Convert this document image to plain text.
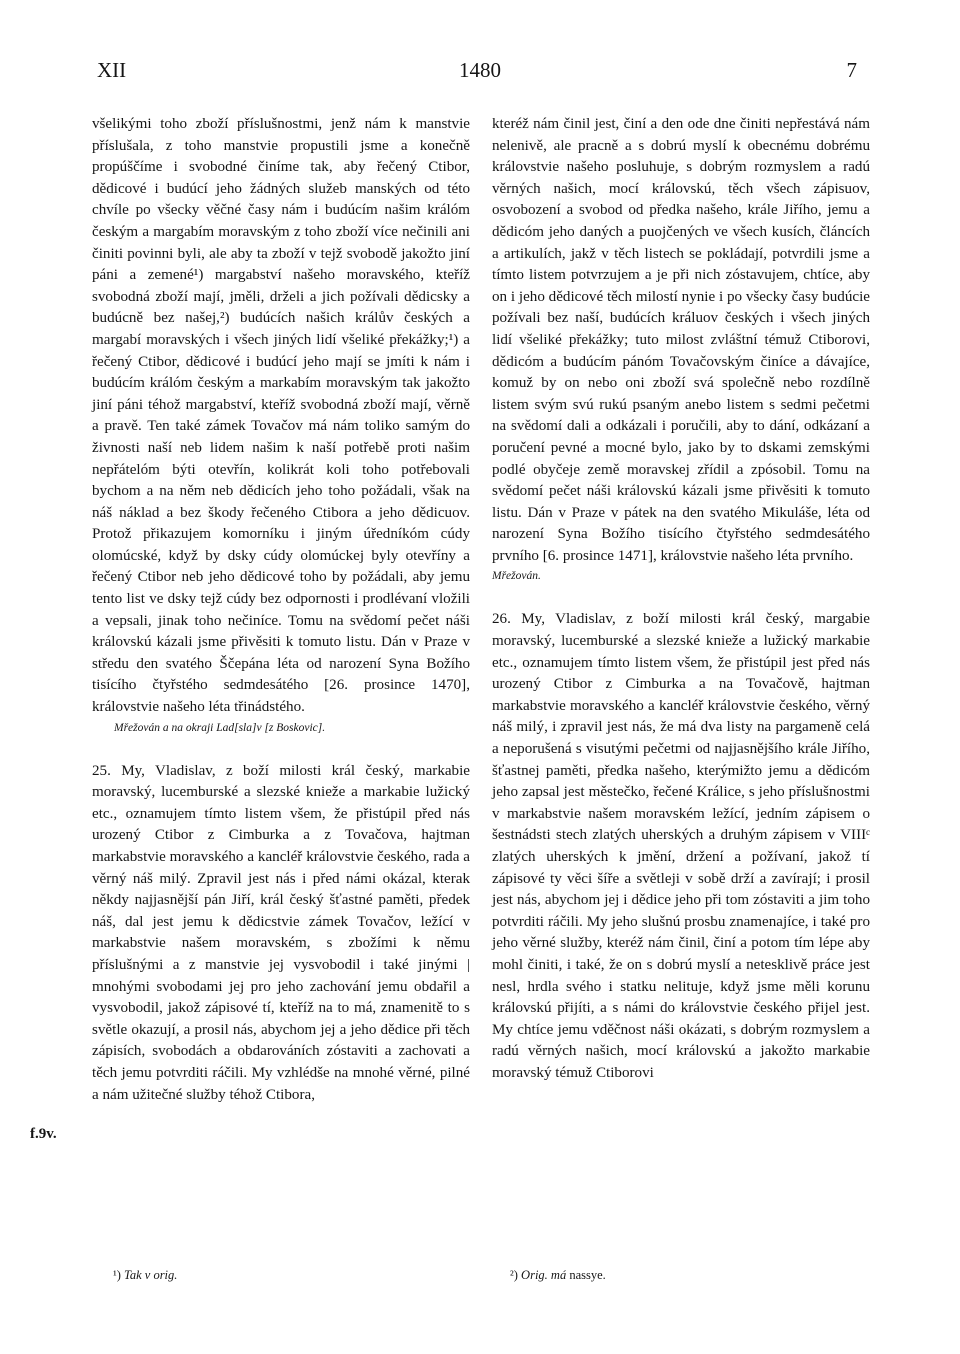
XII	1480	7
f.9v.

všelikými toho zboží příslušnostmi, jenž nám k manstvie příslušala, z toho manstvie propustili jsme a konečně propúščíme i svobodné činíme tak, aby řečený Ctibor, dědicové i budúcí jeho žádných služeb manských od této chvíle po všecky věčné časy nám i budúcím našim králóm českým a margabím moravským z toho zboží více nečinili ani činiti povinni byli, ale aby ta zboží v tejž svobodě jakožto jiní páni a zemené¹) margabství našeho moravského, kteříž svobodná zboží mají, jměli, drželi a jich požívali dědicsky a budúcně bez našej,²) budúcích našich králův českých a margabí moravských i všech jiných lidí všeliké překážky;¹) a řečený Ctibor, dědicové i budúcí jeho mají se jmíti k nám i budúcím králóm českým a markabím moravským tak jakožto jiní páni téhož margabství, kteříž svobodná zboží mají, věrně a pravě. Ten také zámek Tovačov má nám toliko samým do živnosti naší neb lidem našim k naší potřebě proti našim nepřátelóm býti otevřín, kolikrát koli toho potřebovali bychom a na něm neb dědicích jeho toho požádali, však na náš náklad a bez škody řečeného Ctibora a jeho dědicuov. Protož přikazujem komorníku i jiným úředníkóm cúdy olomúcské, když by dsky cúdy olomúckej byly otevříny a řečený Ctibor neb jeho dědicové toho by požádali, aby jemu tento list ve dsky tejž cúdy bez odpornosti i prodlévaní vložili a vepsali, jinak toho nečiníce. Tomu na svědomí pečet náši královskú kázali jsme přivěsiti k tomuto listu. Dán v Praze v středu den svatého Ščepána léta od narození Syna Božího tisícího čtyřstého sedmdesátého [26. prosince 1470], královstvie našeho léta třinádstého.

Mřežován a na okraji Lad[sla]v [z Boskovic].

25. My, Vladislav, z boží milosti král český, markabie moravský, lucemburské a slezské knieže a markabie lužický etc., oznamujem tímto listem všem, že přistúpil před nás urozený Ctibor z Cimburka a z Tovačova, hajtman markabstvie moravského a kancléř královstvie českého, rada a věrný náš milý. Zpravil jest nás i před námi okázal, kterak někdy najjasnější pán Jiří, král český šťastné paměti, předek náš, dal jest jemu k dědicstvie zámek Tovačov, ležící v markabstvie našem moravském, s zbožími k němu příslušnými a z manstvie jej vysvobodil i také jinými | mnohými svobodami jej pro jeho zachování jemu obdařil a vysvobodil, jakož zápisové tí, kteříž na to má, znamenitě to s světle okazují, a prosil nás, abychom jej a jeho dědice při těch zápisích, svobodách a obdarováních zóstaviti a zachovati a těch jemu potvrditi ráčili. My vzhlédše na mnohé věrné, pilné a nám užitečné služby téhož Ctibora,

kteréž nám činil jest, činí a den ode dne činiti nepřestává nám nelenivě, ale pracně a s dobrú myslí k obecnému dobrému královstvie našeho posluhuje, s dobrým rozmyslem a radú věrných našich, mocí královskú, těch všech zápisuov, osvobození a svobod od předka našeho, krále Jiřího, jemu a dědicóm jeho daných a puojčených ve všech kusích, článcích a artikulích, jakž v těch listech se pokládají, potvrdili jsme a tímto listem potvrzujem a je při nich zóstavujem, chtíce, aby on i jeho dědicové těch milostí nynie i po všecky časy budúcie požívali bez naší, budúcích králuov českých i všech jiných lidí všeliké překážky; tuto milost zvláštní témuž Ctiborovi, dědicóm a budúcím pánóm Tovačovským činíce a dávajíce, komuž by on nebo oni zboží svá společně nebo rozdílně listem svým svú rukú psaným anebo listem s sedmi pečetmi na svědomí dali a odkázali i poručili, aby to dání, odkázaní a poručení pevné a mocné bylo, jako by to dskami zemskými podlé obyčeje země moravskej zřídil a zpósobil. Tomu na svědomí pečet náši královskú kázali jsme přivěsiti k tomuto listu. Dán v Praze v pátek na den svatého Mikuláše, léta od narození Syna Božího tisícího čtyřstého sedmdesátého prvního [6. prosince 1471], královstvie našeho léta prvního.

Mřežován.

26. My, Vladislav, z boží milosti král český, margabie moravský, lucemburské a slezské knieže a lužický markabie etc., oznamujem tímto listem všem, že přistúpil jest před nás urozený Ctibor z Cimburka a na Tovačově, hajtman markabstvie moravského a kancléř královstvie českého, věrný náš milý, i zpravil jest nás, že má dva listy na pargameně celá a neporušená s visutými pečetmi od najjasnějšího krále Jiřího, šťastnej paměti, předka našeho, kterýmižto jemu a dědicóm jeho zapsal jest městečko, řečené Králice, s jeho příslušnostmi v markabstvie našem moravském ležící, jedním zápisem o šestnádsti stech zlatých uherských a druhým zápisem v VIIIᶜ zlatých uherských k jmění, držení a požívaní, jakož tí zápisové ty věci šíře a světleji v sobě drží a zavírají; i prosil jest nás, abychom jej i dědice jeho při tom zóstaviti a jim toho potvrditi ráčili. My jeho slušnú prosbu znamenajíce, i také pro jeho věrné služby, kteréž nám činil, činí a potom tím lépe aby mohl činiti, i také, že on s dobrú myslí a netesklivě práce jest nesl, hrdla svého i statku nelituje, když jsme měli korunu královskú přijíti, a s námi do královstvie českého přijel jest. My chtíce jemu vděčnost náši okázati, s dobrým rozmyslem a radú věrných našich, mocí královskú a jakožto markabie moravský témuž Ctiborovi

¹) Tak v orig.	²) Orig. má nassye.
